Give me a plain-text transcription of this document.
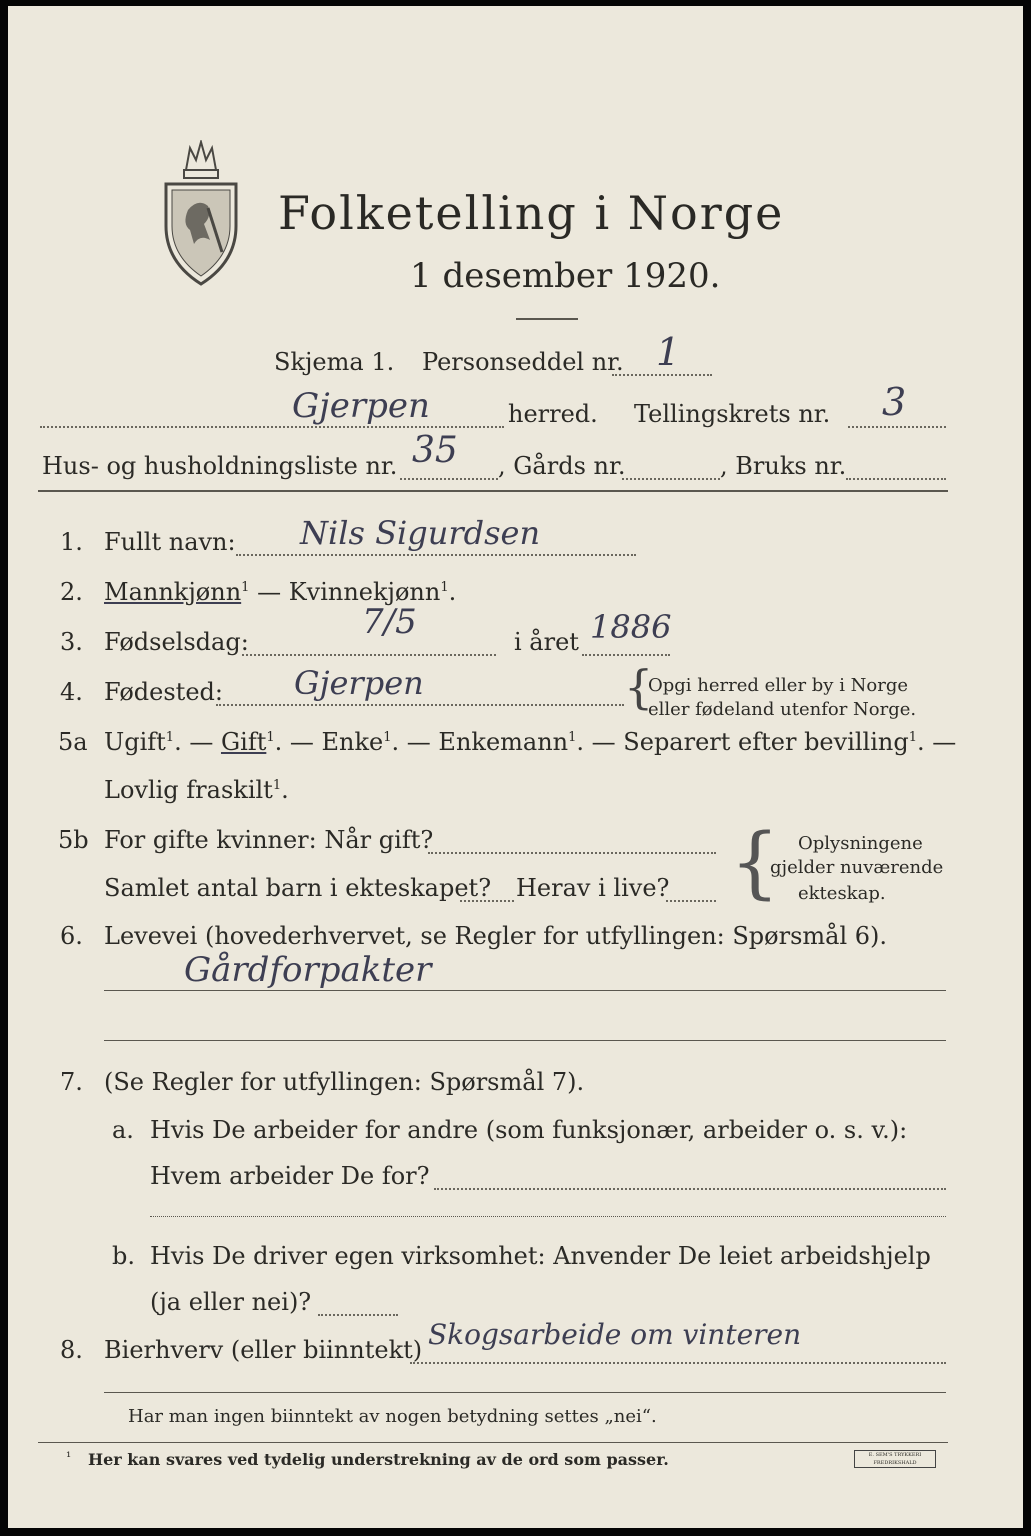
Folketelling i Norge
1 desember 1920.
Skjema 1. Personseddel nr. 1
Gjerpen	herred. Tellingskrets nr. 3
Hus- og husholdningsliste nr. 35 , Gårds nr.	, Bruks nr.
1. Fullt navn: Nils Sigurdsen
2. Mannkjønn$^1$ — Kvinnekjønn$^1$.
3. Fødselsdag:	7/5	i året 1886
4. Fødested: Gjerpen	{
Opgi herred eller by i Norge
eller fødeland utenfor Norge.
5a Ugift$^1$. — Gift$^1$. — Enke$^1$. — Enkemann$^1$. — Separert efter bevilling$^1$. —
Lovlig fraskilt$^1$.
5b For gifte kvinner: Når gift?
Samlet antal barn i ekteskapet? Herav i live? { Oplysningene
gjelder nuværende
ekteskap.
6. Levevei (hovederhvervet, se Regler for utfyllingen: Spørsmål 6).
Gårdforpakter
7. (Se Regler for utfyllingen: Spørsmål 7).
a. Hvis De arbeider for andre (som funksjonær, arbeider o. s. v.):
Hvem arbeider De for?
b. Hvis De driver egen virksomhet: Anvender De leiet arbeidshjelp
(ja eller nei)?
8. Bierhverv (eller biinntekt) Skogsarbeide om vinteren
Har man ingen biinntekt av nogen betydning settes „nei“.
¹ Her kan svares ved tydelig understrekning av de ord som passer.	E. SEM'S TRYKKERI FREDRIKSHALD
